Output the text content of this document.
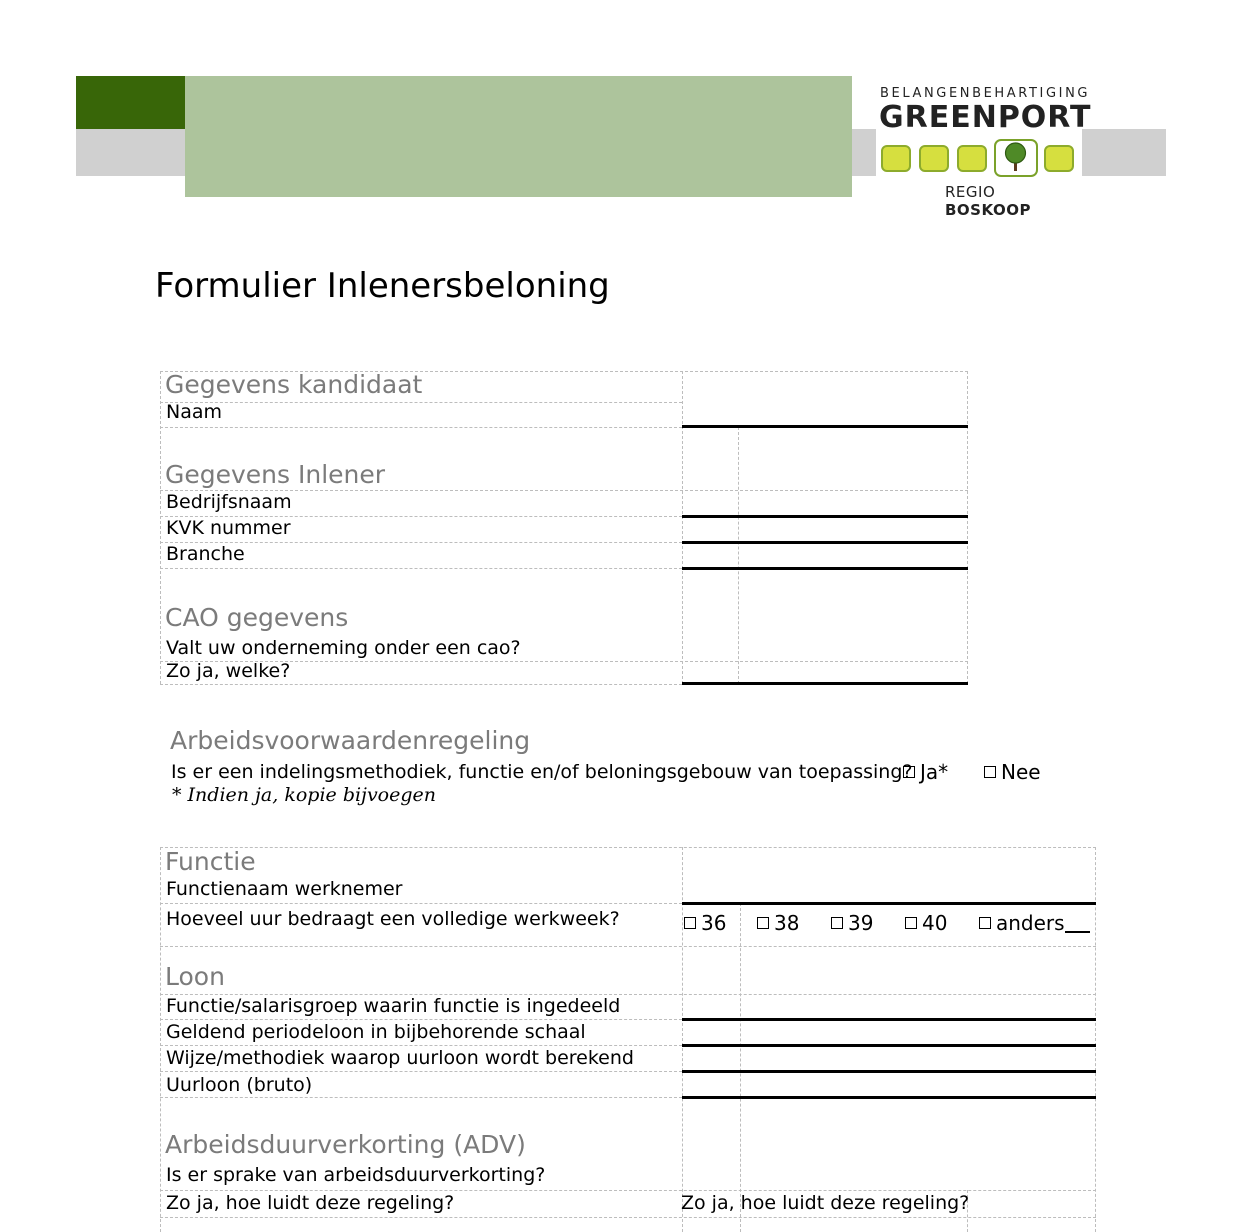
BELANGENBEHARTIGING
GREENPORT
REGIO BOSKOOP
Formulier Inlenersbeloning
Gegevens kandidaat
Naam
Gegevens Inlener
Bedrijfsnaam
KVK nummer
Branche
CAO gegevens
Valt uw onderneming onder een cao?
Zo ja, welke?
Arbeidsvoorwaardenregeling
Is er een indelingsmethodiek, functie en/of beloningsgebouw van toepassing? Ja*	Nee
* Indien ja, kopie bijvoegen
Functie
Functienaam werknemer
Hoeveel uur bedraagt een volledige werkweek?	36	38	39	40	anders
Loon
Functie/salarisgroep waarin functie is ingedeeld
Geldend periodeloon in bijbehorende schaal
Wijze/methodiek waarop uurloon wordt berekend
Uurloon (bruto)
Arbeidsduurverkorting (ADV)
Is er sprake van arbeidsduurverkorting?
Zo ja, hoe luidt deze regeling?	Zo ja, hoe luidt deze regeling?
